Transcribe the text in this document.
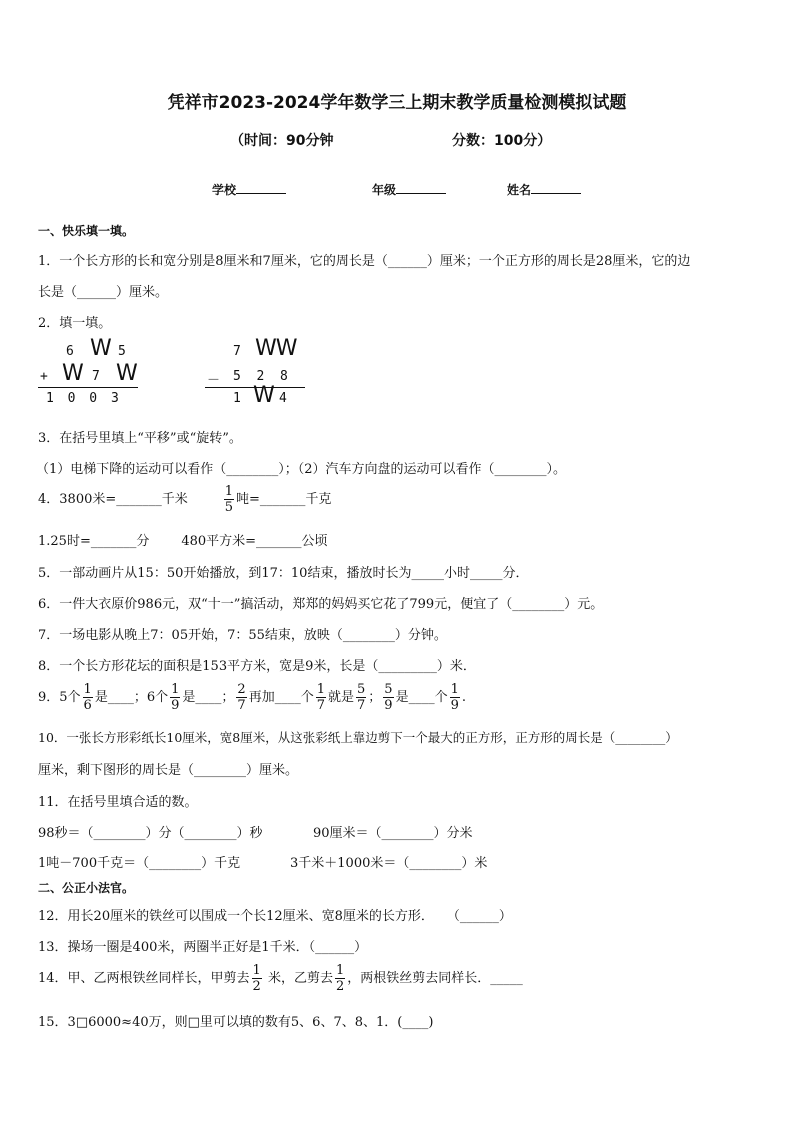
凭祥市2023-2024学年数学三上期末教学质量检测模拟试题
（时间：90分钟	分数：100分）
学校	年级	姓名
一、快乐填一填。
1．一个长方形的长和宽分别是8厘米和7厘米，它的周长是（______）厘米；一个正方形的周长是28厘米，它的边
长是（______）厘米。
2．填一填。
6 W 5
+ W 7 W
1 0 0 3
7 WW
－ 5  2  8
1 W 4
3．在括号里填上“平移”或“旋转”。
（1）电梯下降的运动可以看作（________）；（2）汽车方向盘的运动可以看作（________）。
4．3800米=_______千米	$\frac{1}{5}$ 吨=_______千克
1.25时=_______分 480平方米=_______公顷
5．一部动画片从15：50开始播放，到17：10结束，播放时长为_____小时_____分．
6．一件大衣原价986元，双“十一”搞活动，郑郑的妈妈买它花了799元，便宜了（________）元。
7．一场电影从晚上7：05开始，7：55结束，放映（________）分钟。
8．一个长方形花坛的面积是153平方米，宽是9米，长是（_________）米．
9．5个 $\frac{1}{6}$ 是____；6个 $\frac{1}{9}$ 是____； $\frac{2}{7}$ 再加____个 $\frac{1}{7}$ 就是 $\frac{5}{7}$ ； $\frac{5}{9}$ 是____个 $\frac{1}{9}$ .
10．一张长方形彩纸长10厘米，宽8厘米，从这张彩纸上靠边剪下一个最大的正方形，正方形的周长是（________）
厘米，剩下图形的周长是（________）厘米。
11．在括号里填合适的数。
98秒＝（________）分（________）秒	90厘米＝（________）分米
1吨－700千克＝（________）千克	3千米＋1000米＝（________）米
二、公正小法官。
12．用长20厘米的铁丝可以围成一个长12厘米、宽8厘米的长方形．　　（______）
13．操场一圈是400米，两圈半正好是1千米．（______）
14．甲、乙两根铁丝同样长，甲剪去 $\frac{1}{2}$ 米，乙剪去 $\frac{1}{2}$ ，两根铁丝剪去同样长．_____
15．3□6000≈40万，则□里可以填的数有5、6、7、8、1．(____)
